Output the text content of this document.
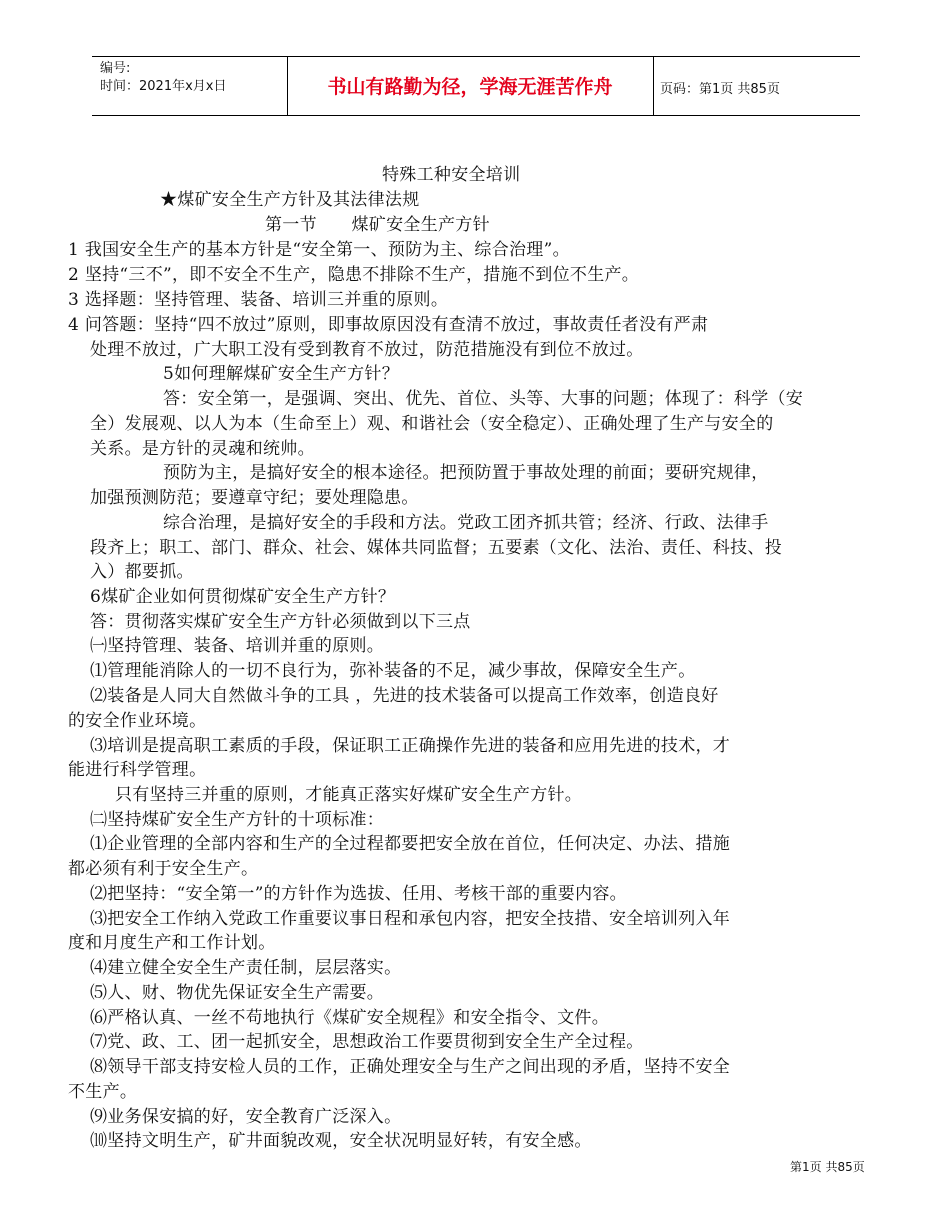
编号:
时间：2021年x月x日	书山有路勤为径，学海无涯苦作舟	页码：第1页 共85页
特殊工种安全培训
★煤矿安全生产方针及其法律法规
第一节　　煤矿安全生产方针
1 我国安全生产的基本方针是“安全第一、预防为主、综合治理”。
2 坚持“三不”，即不安全不生产，隐患不排除不生产，措施不到位不生产。
3 选择题：坚持管理、装备、培训三并重的原则。
4 问答题：坚持“四不放过”原则，即事故原因没有查清不放过，事故责任者没有严肃
处理不放过，广大职工没有受到教育不放过，防范措施没有到位不放过。
5如何理解煤矿安全生产方针？
答：安全第一，是强调、突出、优先、首位、头等、大事的问题；体现了：科学（安
全）发展观、以人为本（生命至上）观、和谐社会（安全稳定）、正确处理了生产与安全的
关系。是方针的灵魂和统帅。
预防为主，是搞好安全的根本途径。把预防置于事故处理的前面；要研究规律，
加强预测防范；要遵章守纪；要处理隐患。
综合治理，是搞好安全的手段和方法。党政工团齐抓共管；经济、行政、法律手
段齐上；职工、部门、群众、社会、媒体共同监督；五要素（文化、法治、责任、科技、投
入）都要抓。
6煤矿企业如何贯彻煤矿安全生产方针？
答：贯彻落实煤矿安全生产方针必须做到以下三点
㈠坚持管理、装备、培训并重的原则。
⑴管理能消除人的一切不良行为，弥补装备的不足，减少事故，保障安全生产。
⑵装备是人同大自然做斗争的工具 ，先进的技术装备可以提高工作效率，创造良好
的安全作业环境。
⑶培训是提高职工素质的手段，保证职工正确操作先进的装备和应用先进的技术，才
能进行科学管理。
只有坚持三并重的原则，才能真正落实好煤矿安全生产方针。
㈡坚持煤矿安全生产方针的十项标准：
⑴企业管理的全部内容和生产的全过程都要把安全放在首位，任何决定、办法、措施
都必须有利于安全生产。
⑵把坚持：“安全第一”的方针作为选拔、任用、考核干部的重要内容。
⑶把安全工作纳入党政工作重要议事日程和承包内容，把安全技措、安全培训列入年
度和月度生产和工作计划。
⑷建立健全安全生产责任制，层层落实。
⑸人、财、物优先保证安全生产需要。
⑹严格认真、一丝不苟地执行《煤矿安全规程》和安全指令、文件。
⑺党、政、工、团一起抓安全，思想政治工作要贯彻到安全生产全过程。
⑻领导干部支持安检人员的工作，正确处理安全与生产之间出现的矛盾，坚持不安全
不生产。
⑼业务保安搞的好，安全教育广泛深入。
⑽坚持文明生产，矿井面貌改观，安全状况明显好转，有安全感。
第1页 共85页
